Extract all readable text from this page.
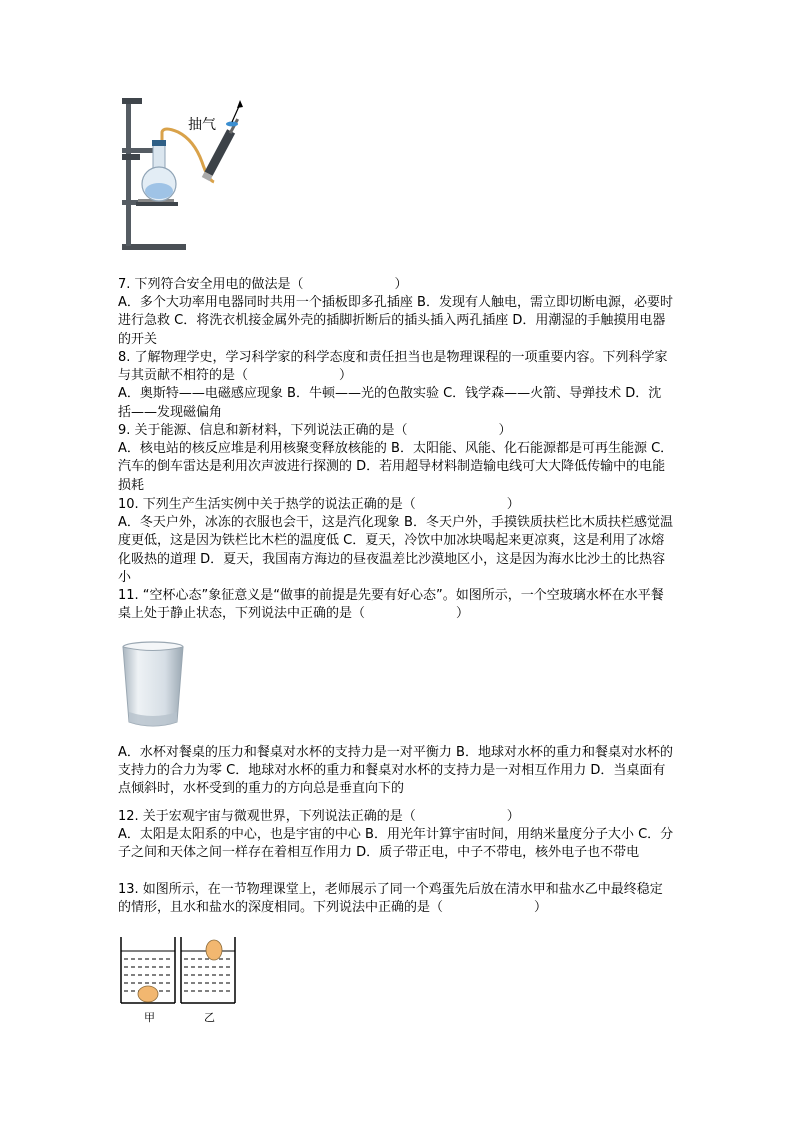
抽气
7. 下列符合安全用电的做法是（　　　　　　　）
A．多个大功率用电器同时共用一个插板即多孔插座 B．发现有人触电，需立即切断电源，必要时进行急救 C．将洗衣机接金属外壳的插脚折断后的插头插入两孔插座 D．用潮湿的手触摸用电器的开关
8. 了解物理学史，学习科学家的科学态度和责任担当也是物理课程的一项重要内容。下列科学家与其贡献不相符的是（　　　　　　　）
A．奥斯特——电磁感应现象 B．牛顿——光的色散实验 C．钱学森——火箭、导弹技术 D．沈括——发现磁偏角
9. 关于能源、信息和新材料，下列说法正确的是（　　　　　　　）
A．核电站的核反应堆是利用核聚变释放核能的 B．太阳能、风能、化石能源都是可再生能源 C．汽车的倒车雷达是利用次声波进行探测的 D．若用超导材料制造输电线可大大降低传输中的电能损耗
10. 下列生产生活实例中关于热学的说法正确的是（　　　　　　　）
A．冬天户外，冰冻的衣服也会干，这是汽化现象 B．冬天户外，手摸铁质扶栏比木质扶栏感觉温度更低，这是因为铁栏比木栏的温度低 C．夏天，冷饮中加冰块喝起来更凉爽，这是利用了冰熔化吸热的道理 D．夏天，我国南方海边的昼夜温差比沙漠地区小，这是因为海水比沙土的比热容小
11. “空杯心态”象征意义是“做事的前提是先要有好心态”。如图所示，一个空玻璃水杯在水平餐桌上处于静止状态，下列说法中正确的是（　　　　　　　）
A．水杯对餐桌的压力和餐桌对水杯的支持力是一对平衡力 B．地球对水杯的重力和餐桌对水杯的支持力的合力为零 C．地球对水杯的重力和餐桌对水杯的支持力是一对相互作用力 D．当桌面有点倾斜时，水杯受到的重力的方向总是垂直向下的
12. 关于宏观宇宙与微观世界，下列说法正确的是（　　　　　　　）
A．太阳是太阳系的中心，也是宇宙的中心 B．用光年计算宇宙时间，用纳米量度分子大小 C．分子之间和天体之间一样存在着相互作用力 D．质子带正电，中子不带电，核外电子也不带电
13. 如图所示，在一节物理课堂上，老师展示了同一个鸡蛋先后放在清水甲和盐水乙中最终稳定的情形，且水和盐水的深度相同。下列说法中正确的是（　　　　　　　）
甲	乙
